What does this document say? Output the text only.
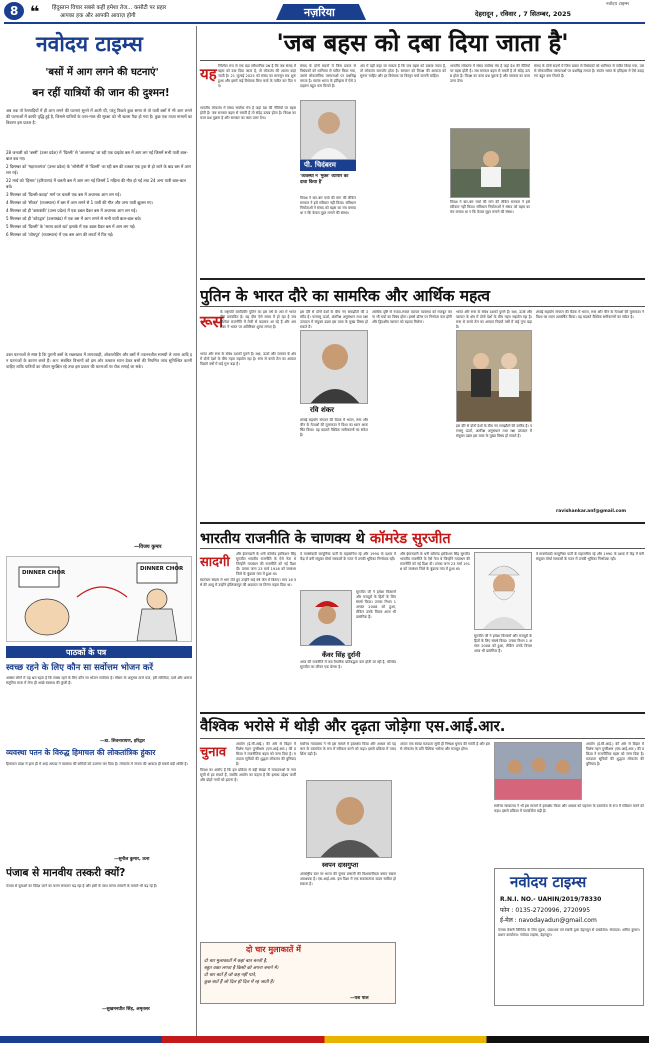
8 ❝ हिंदुस्तान विचार सबसे कहीं हमेशा तेज... कसौटी पर प्रहार
आपका हक और आपकी आवाज़ होगी	नज़रिया	देहरादून , रविवार , 7 सितम्बर, 2025
नवोदय टाइम्स
नवोदय टाइम्स
'बसों में आग लगने की घटनाएं'
बन रहीं यात्रियों की जान की दुश्मन!
अब तक तो रेलगाड़ियों में ही आग लगने की घटनाएं सुनने में आती थीं, परंतु पिछले कुछ समय से तो यात्री बसों में भी आग लगने की घटनाओं में काफी वृद्धि हुई है, जिससे यात्रियों के जान-माल की सुरक्षा को भी खतरा पैदा हो गया है। कुछ एक ताज़ा मामलों का विवरण इस प्रकार है:
28 जनवरी को 'बस्ती' (उत्तर प्रदेश) में 'दिल्ली' से 'आजमगढ़' जा रही एक प्राइवेट बस में आग लग गई जिसमें सभी यात्री बाल-बाल बच गए।
2 दिसम्बर को 'महाराजगंज' (उत्तर प्रदेश) के 'सोनौली' से 'दिल्ली' जा रही बस की टक्कर एक ट्रक से हो जाने के बाद बस में आग लग गई।
22 मार्च को 'हिसार' (हरियाणा) में चलती बस में आग लग गई जिसमें 1 महिला की मौत हो गई तथा 24 अन्य यात्री बाल-बाल बचे।
3 सितम्बर को 'दिल्ली-कटड़ा' मार्ग पर चलती एक बस में अचानक आग लग गई।
4 सितम्बर को 'सीकर' (राजस्थान) में बस में आग लगने से 1 यात्री की मौत और अन्य यात्री झुलस गए।
4 सितम्बर को ही 'बाराबंकी' (उत्तर प्रदेश) में एक डबल डैकर बस में अचानक आग लग गई।
5 सितम्बर को ही 'कोटद्वार' (उत्तराखंड) में एक बस में आग लगने से सभी यात्री बाल-बाल बचे।
5 सितम्बर को 'दिल्ली' के 'सराय काले खां' इलाके में एक डबल डैकर बस में आग लग गई।
6 सितम्बर को 'जोधपुर' (राजस्थान) में एक बस आग की लपटों में घिर गई।
उक्त घटनाओं से स्पष्ट है कि पुरानी बसों के रखरखाव में लापरवाही, ओवरलोडिंग और बसों में ज्वलनशील सामग्री ले जाना आदि इन घटनाओं के कारण बनते हैं। अत: संबंधित विभागों को इस ओर तत्काल ध्यान देकर बसों की नियमित जांच सुनिश्चित करनी चाहिए ताकि यात्रियों का जीवन सुरक्षित रहे तथा इस प्रकार की घटनाओं पर रोक लगाई जा सके।
—विजय कुमार
DINNER CHOR
DINNER CHOR
पाठकों के पत्र
स्वच्छ रहने के लिए कौन सा सर्वोत्तम भोजन करें
अक्सर लोगों में यह भ्रम रहता है कि स्वस्थ रहने के लिए कौन सा भोजन सर्वोत्तम है। मौसम के अनुसार ताजे फल, हरी सब्जियां, दालें और अनाज संतुलित मात्रा में लेना ही अच्छे स्वास्थ्य की कुंजी है।
—डा. शिवनारायण, हरिद्वार
व्यवस्था पतन के विरुद्ध हिमाचल की लोकतांत्रिक हुंकार
हिमाचल प्रदेश में हाल ही में आई आपदा ने व्यवस्था की कमियों को उजागर कर दिया है। लोकतंत्र में जनता की आवाज़ ही सबसे बड़ी शक्ति है।
—सुनील कुमार, ऊना
पंजाब से मानवीय तस्करी क्यों?
पंजाब से युवाओं का विदेश जाने का चलन लगातार बढ़ रहा है और इसी के साथ मानव तस्करी के मामले भी बढ़ रहे हैं।
—सुखमनप्रीत सिंह, अमृतसर
'जब बहस को दबा दिया जाता है'
यह निश्चित रूप से एक बड़ा संवैधानिक प्रश्न है कि जब संसद में बहस को दबा दिया जाता है, तो लोकतंत्र की आत्मा कहां जाती है। 21 जुलाई 2025 को संसद का मानसून सत्र शुरू हुआ और इसमें कई विधेयक बिना चर्चा के पारित कर दिए गए।
भारतीय लोकतंत्र में संसद सर्वोच्च मंच है जहां देश की नीतियों पर बहस होती है। जब सरकार बहस से बचती है तो संदेह उत्पन्न होता है। विपक्ष का काम प्रश्न पूछना है और सरकार का काम उत्तर देना।
पी. चिदंबरम
संसद के दोनों सदनों में जिस प्रकार से विधेयकों को ध्वनिमत से पारित किया गया, उससे लोकतांत्रिक परम्पराओं पर प्रश्नचिह्न लगता है। स्वतंत्र भारत के इतिहास में ऐसे उदाहरण बहुत कम मिलते हैं।
'व्यवस्था ने 'मुक्त' व्यापार का दावा किया है'
विपक्ष ने बार-बार चर्चा की मांग की लेकिन सरकार ने इसे स्वीकार नहीं किया। संविधान निर्माताओं ने संसद को बहस का मंच बनाया था न कि केवल मुहर लगाने की संस्था।
अंत में यही कहा जा सकता है कि जब बहस को दबाया जाता है, तो लोकतंत्र कमजोर होता है। सरकार को विपक्ष की आवाज़ को सुनना चाहिए और हर विधेयक पर विस्तृत चर्चा करानी चाहिए।
भारतीय लोकतंत्र में संसद सर्वोच्च मंच है जहां देश की नीतियों पर बहस होती है। जब सरकार बहस से बचती है तो संदेह उत्पन्न होता है। विपक्ष का काम प्रश्न पूछना है और सरकार का काम उत्तर देना।
विपक्ष ने बार-बार चर्चा की मांग की लेकिन सरकार ने इसे स्वीकार नहीं किया। संविधान निर्माताओं ने संसद को बहस का मंच बनाया था न कि केवल मुहर लगाने की संस्था।
संसद के दोनों सदनों में जिस प्रकार से विधेयकों को ध्वनिमत से पारित किया गया, उससे लोकतांत्रिक परम्पराओं पर प्रश्नचिह्न लगता है। स्वतंत्र भारत के इतिहास में ऐसे उदाहरण बहुत कम मिलते हैं।
पुतिन के भारत दौरे का सामरिक और आर्थिक महत्व
रूस
के राष्ट्रपति व्लादिमीर पुतिन का इस वर्ष के अंत में भारत दौरा प्रस्तावित है। यह दौरा ऐसे समय में हो रहा है जब वैश्विक राजनीति में तेजी से बदलाव आ रहे हैं और अमरीका ने भारत पर अतिरिक्त शुल्क लगाए हैं।
भारत और रूस के संबंध दशकों पुराने हैं। रक्षा, ऊर्जा और व्यापार के क्षेत्र में दोनों देशों के बीच गहरा सहयोग रहा है। रूस से कच्चे तेल का आयात पिछले वर्षों में कई गुना बढ़ा है।
रवि शंकर
इस दौरे से दोनों देशों के बीच नए समझौतों की उम्मीद है। परमाणु ऊर्जा, अंतरिक्ष अनुसंधान तथा रक्षा उत्पादन में संयुक्त उद्यम इस यात्रा के मुख्य विषय हो सकते हैं।
शंघाई सहयोग संगठन की बैठक में भारत, रूस और चीन के नेताओं की मुलाकात ने विश्व का ध्यान आकर्षित किया। यह बदलते वैश्विक समीकरणों का संकेत है।
आर्थिक दृष्टि से रुपया-रूबल व्यापार व्यवस्था को मजबूत करना भी चर्चा का विषय होगा। इससे डॉलर पर निर्भरता कम होगी और द्विपक्षीय व्यापार को बढ़ावा मिलेगा।
भारत और रूस के संबंध दशकों पुराने हैं। रक्षा, ऊर्जा और व्यापार के क्षेत्र में दोनों देशों के बीच गहरा सहयोग रहा है। रूस से कच्चे तेल का आयात पिछले वर्षों में कई गुना बढ़ा है।
इस दौरे से दोनों देशों के बीच नए समझौतों की उम्मीद है। परमाणु ऊर्जा, अंतरिक्ष अनुसंधान तथा रक्षा उत्पादन में संयुक्त उद्यम इस यात्रा के मुख्य विषय हो सकते हैं।
शंघाई सहयोग संगठन की बैठक में भारत, रूस और चीन के नेताओं की मुलाकात ने विश्व का ध्यान आकर्षित किया। यह बदलते वैश्विक समीकरणों का संकेत है।
ravishankar.anf@gmail.com
भारतीय राजनीति के चाणक्य थे कॉमरेड सुरजीत
सादगी
और ईमानदारी के धनी कॉमरेड हरकिशन सिंह सुरजीत भारतीय राजनीति के ऐसे नेता थे जिन्होंने गठबंधन की राजनीति को नई दिशा दी। उनका जन्म 23 मार्च 1916 को जालंधर जिले के बुंडाला गांव में हुआ था।
स्वतंत्रता संग्राम में भाग लेते हुए उन्होंने कई वर्ष जेल में बिताए। मात्र 16 वर्ष की आयु में उन्होंने होशियारपुर की अदालत पर तिरंगा फहरा दिया था।
कँवर सिंह दुर्रानी
वे मार्क्सवादी कम्युनिस्ट पार्टी के महासचिव रहे और 1990 के दशक में केंद्र में बनी संयुक्त मोर्चा सरकारों के गठन में उनकी भूमिका निर्णायक रही।
सुरजीत जी ने हमेशा किसानों और मजदूरों के हितों के लिए संघर्ष किया। उनका निधन 1 अगस्त 2008 को हुआ, लेकिन उनके विचार आज भी प्रासंगिक हैं।
आज की राजनीति में जब वैचारिक प्रतिबद्धता कम होती जा रही है, कॉमरेड सुरजीत का जीवन एक प्रेरणा है।
और ईमानदारी के धनी कॉमरेड हरकिशन सिंह सुरजीत भारतीय राजनीति के ऐसे नेता थे जिन्होंने गठबंधन की राजनीति को नई दिशा दी। उनका जन्म 23 मार्च 1916 को जालंधर जिले के बुंडाला गांव में हुआ था।
सुरजीत जी ने हमेशा किसानों और मजदूरों के हितों के लिए संघर्ष किया। उनका निधन 1 अगस्त 2008 को हुआ, लेकिन उनके विचार आज भी प्रासंगिक हैं।
वे मार्क्सवादी कम्युनिस्ट पार्टी के महासचिव रहे और 1990 के दशक में केंद्र में बनी संयुक्त मोर्चा सरकारों के गठन में उनकी भूमिका निर्णायक रही।
वैश्विक भरोसे में थोड़ी और दृढ़ता जोड़ेगा एस.आई.आर.
चुनाव
आयोग (ई.सी.आई.) की ओर से बिहार में विशेष गहन पुनरीक्षण (एस.आई.आर.) की प्रक्रिया ने राजनीतिक बहस को जन्म दिया है। मतदाता सूचियों की शुद्धता लोकतंत्र की बुनियाद है।
विपक्ष का आरोप है कि इस प्रक्रिया से बड़ी संख्या में मतदाताओं के नाम सूची से हट सकते हैं, जबकि आयोग का कहना है कि इसका उद्देश्य फर्जी और दोहरे नामों को हटाना है।
सर्वोच्च न्यायालय ने भी इस मामले में हस्तक्षेप किया और आधार को पहचान के दस्तावेज के रूप में स्वीकार करने को कहा। इससे प्रक्रिया में पारदर्शिता बढ़ी है।
स्वपन दासगुप्ता
अंतर्राष्ट्रीय स्तर पर भारत की चुनाव प्रणाली की विश्वसनीयता बनाए रखना आवश्यक है। एस.आई.आर. इस दिशा में एक सकारात्मक कदम साबित हो सकता है।
अंततः एक स्वच्छ मतदाता सूची ही निष्पक्ष चुनाव की गारंटी है और इससे लोकतंत्र के प्रति वैश्विक भरोसा और मजबूत होगा।
आयोग (ई.सी.आई.) की ओर से बिहार में विशेष गहन पुनरीक्षण (एस.आई.आर.) की प्रक्रिया ने राजनीतिक बहस को जन्म दिया है। मतदाता सूचियों की शुद्धता लोकतंत्र की बुनियाद है।
सर्वोच्च न्यायालय ने भी इस मामले में हस्तक्षेप किया और आधार को पहचान के दस्तावेज के रूप में स्वीकार करने को कहा। इससे प्रक्रिया में पारदर्शिता बढ़ी है।
दो चार मुलाकातें में
दो चार मुलाकातों में कहां बात बनती है,
बहुत वक्त लगता है किसी को अपना बनाने में।
दो चार बातें हैं जो कह नहीं पाते,
कुछ बातें हैं जो दिल ही दिल में रह जाती हैं।
—यश पाल
नवोदय टाइम्स
R.N.I. NO.- UAHIN/2019/78330
फोन : 0135-2720996, 2720995
ई-मेल : navodayadun@gmail.com
पंजाब केसरी लिमिटेड के लिए मुद्रक, प्रकाशक एवं स्वामी द्वारा देहरादून से प्रकाशित। संपादक: अमित कुमार। प्रधान कार्यालय: नवोदय टाइम्स, देहरादून।
